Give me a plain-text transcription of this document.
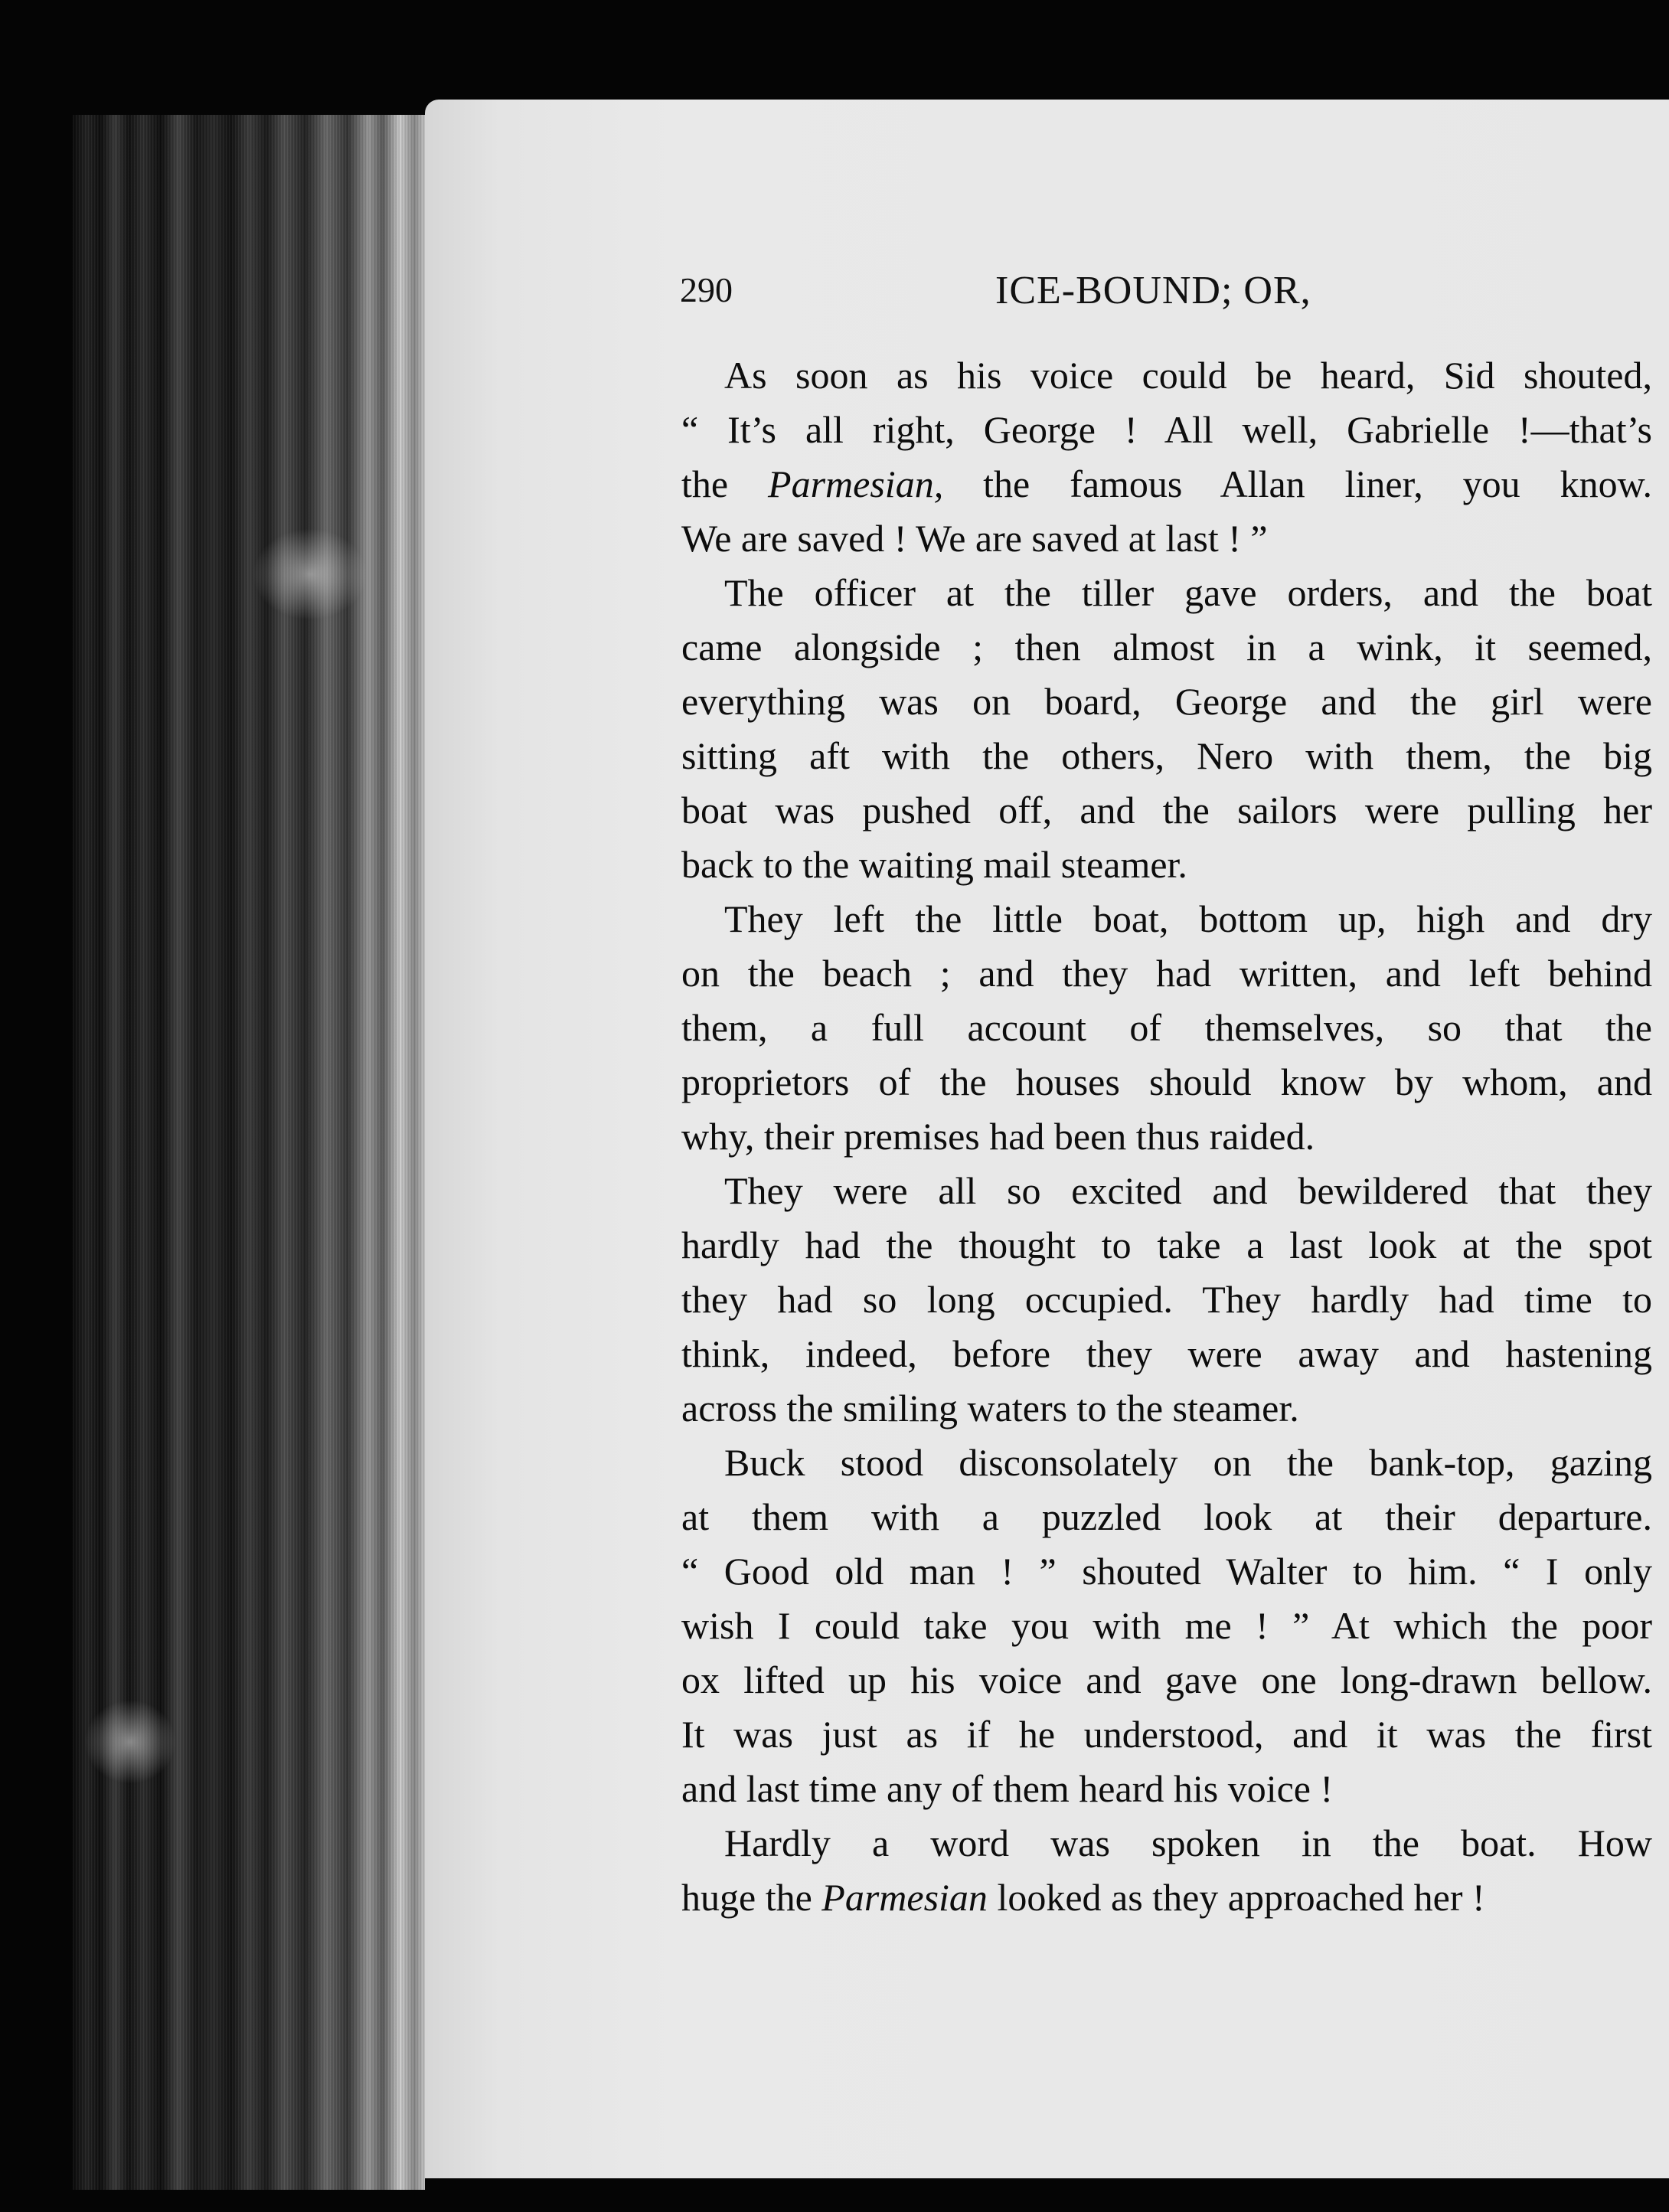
290	ICE-BOUND; OR,
As soon as his voice could be heard, Sid shouted,
“ It’s all right, George ! All well, Gabrielle !—that’s
the Parmesian, the famous Allan liner, you know.
We are saved ! We are saved at last ! ”
The officer at the tiller gave orders, and the boat
came alongside ; then almost in a wink, it seemed,
everything was on board, George and the girl were
sitting aft with the others, Nero with them, the big
boat was pushed off, and the sailors were pulling her
back to the waiting mail steamer.
They left the little boat, bottom up, high and dry
on the beach ; and they had written, and left behind
them, a full account of themselves, so that the
proprietors of the houses should know by whom, and
why, their premises had been thus raided.
They were all so excited and bewildered that they
hardly had the thought to take a last look at the spot
they had so long occupied. They hardly had time to
think, indeed, before they were away and hastening
across the smiling waters to the steamer.
Buck stood disconsolately on the bank-top, gazing
at them with a puzzled look at their departure.
“ Good old man ! ” shouted Walter to him. “ I only
wish I could take you with me ! ” At which the poor
ox lifted up his voice and gave one long-drawn bellow.
It was just as if he understood, and it was the first
and last time any of them heard his voice !
Hardly a word was spoken in the boat. How
huge the Parmesian looked as they approached her !
